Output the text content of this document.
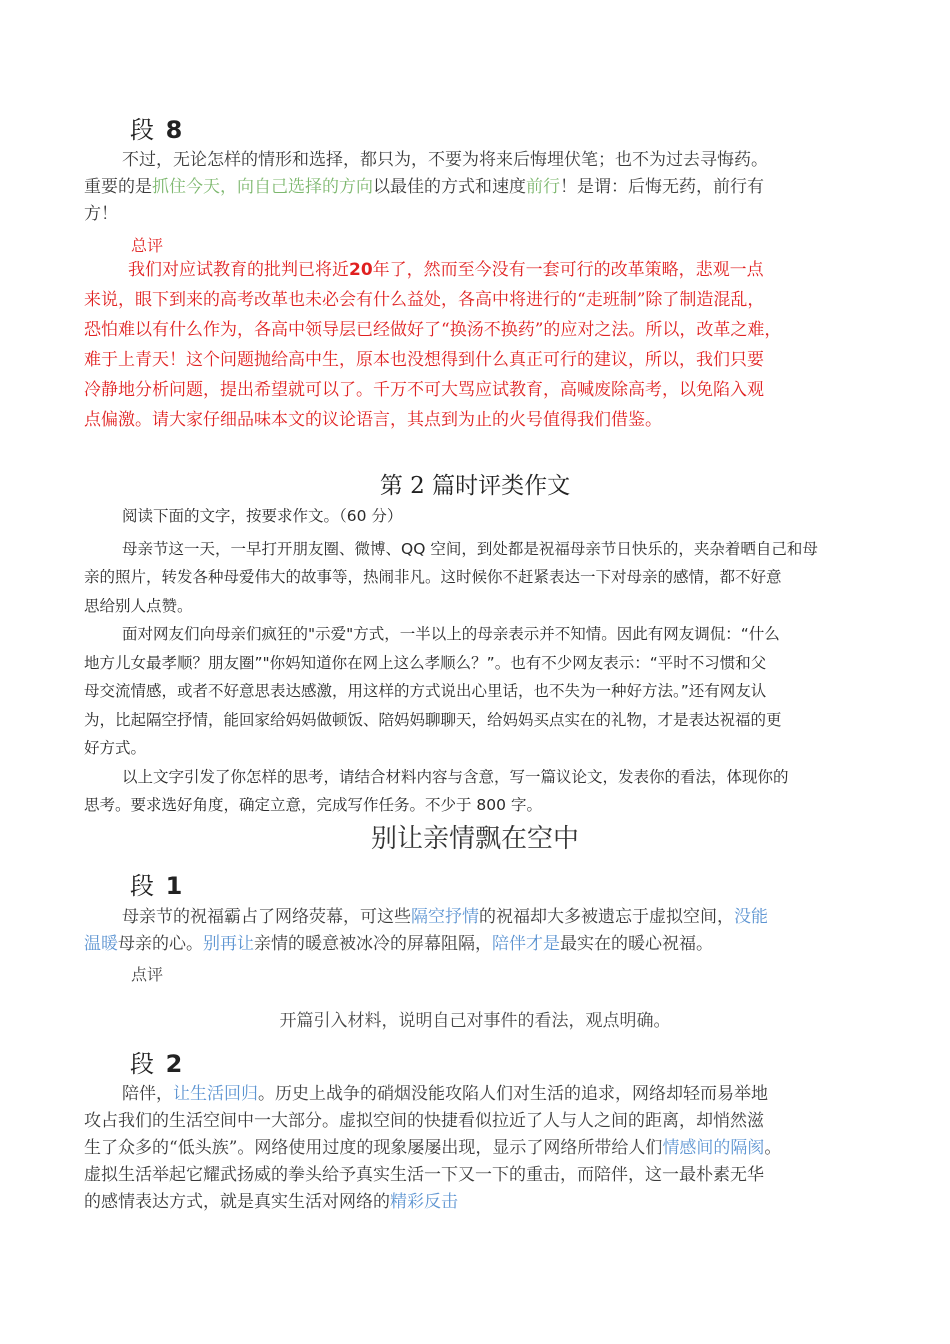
段 8
不过，无论怎样的情形和选择，都只为，不要为将来后悔埋伏笔；也不为过去寻悔药。
重要的是抓住今天，向自己选择的方向以最佳的方式和速度前行！是谓：后悔无药，前行有
方！
总评
我们对应试教育的批判已将近20年了，然而至今没有一套可行的改革策略，悲观一点
来说，眼下到来的高考改革也未必会有什么益处，各高中将进行的“走班制”除了制造混乱，
恐怕难以有什么作为，各高中领导层已经做好了“换汤不换药”的应对之法。所以，改革之难，
难于上青天！这个问题抛给高中生，原本也没想得到什么真正可行的建议，所以，我们只要
冷静地分析问题，提出希望就可以了。千万不可大骂应试教育，高喊废除高考，以免陷入观
点偏激。请大家仔细品味本文的议论语言，其点到为止的火号值得我们借鉴。
第 2 篇时评类作文
阅读下面的文字，按要求作文。（60 分）
母亲节这一天，一早打开朋友圈、微博、QQ 空间，到处都是祝福母亲节日快乐的，夹杂着晒自己和母
亲的照片，转发各种母爱伟大的故事等，热闹非凡。这时候你不赶紧表达一下对母亲的感情，都不好意
思给别人点赞。
面对网友们向母亲们疯狂的"示爱"方式，一半以上的母亲表示并不知情。因此有网友调侃：“什么
地方儿女最孝顺？朋友圈”"你妈知道你在网上这么孝顺么？”。也有不少网友表示：“平时不习惯和父
母交流情感，或者不好意思表达感激，用这样的方式说出心里话，也不失为一种好方法。”还有网友认
为，比起隔空抒情，能回家给妈妈做顿饭、陪妈妈聊聊天，给妈妈买点实在的礼物，才是表达祝福的更
好方式。
以上文字引发了你怎样的思考，请结合材料内容与含意，写一篇议论文，发表你的看法，体现你的
思考。要求选好角度，确定立意，完成写作任务。不少于 800 字。
别让亲情飘在空中
段 1
母亲节的祝福霸占了网络荧幕，可这些隔空抒情的祝福却大多被遗忘于虚拟空间，没能
温暖母亲的心。别再让亲情的暖意被冰冷的屏幕阻隔，陪伴才是最实在的暖心祝福。
点评
开篇引入材料，说明自己对事件的看法，观点明确。
段 2
陪伴，让生活回归。历史上战争的硝烟没能攻陷人们对生活的追求，网络却轻而易举地
攻占我们的生活空间中一大部分。虚拟空间的快捷看似拉近了人与人之间的距离，却悄然滋
生了众多的“低头族”。网络使用过度的现象屡屡出现，显示了网络所带给人们情感间的隔阂。
虚拟生活举起它耀武扬威的拳头给予真实生活一下又一下的重击，而陪伴，这一最朴素无华
的感情表达方式，就是真实生活对网络的精彩反击
